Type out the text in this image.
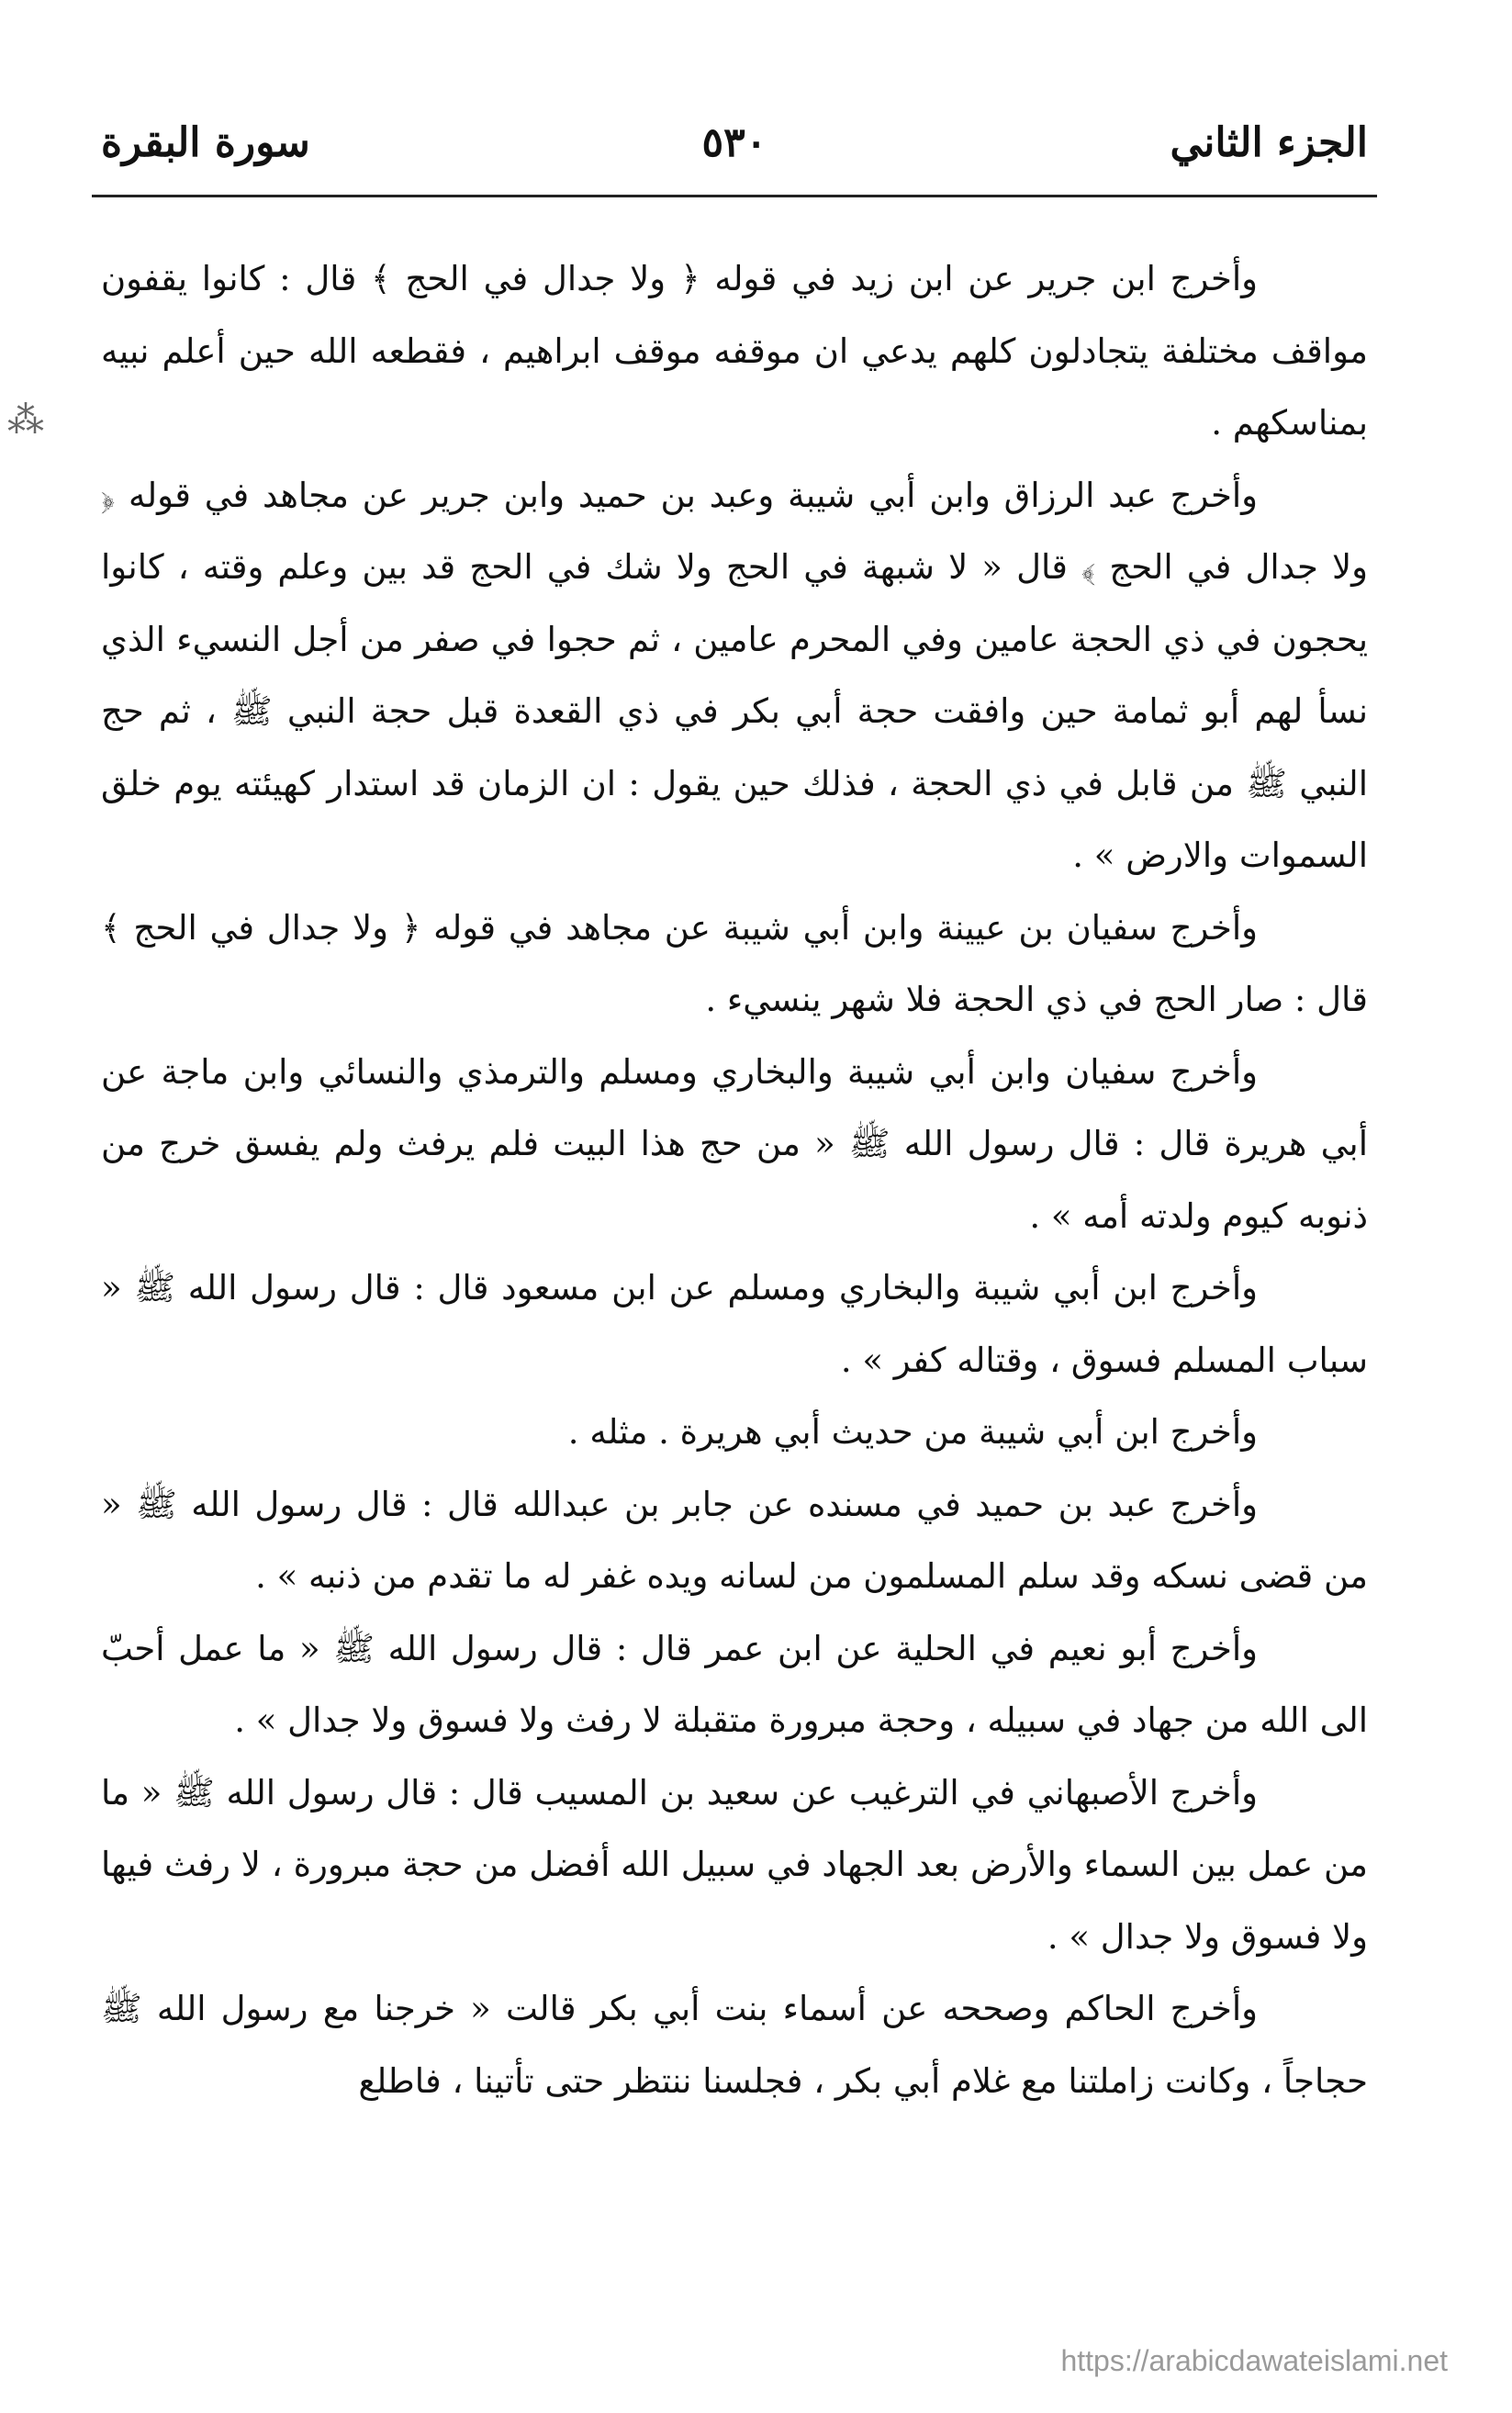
الجزء الثاني
٥٣٠
سورة البقرة
⁂

وأخرج ابن جرير عن ابن زيد في قوله ﴿ ولا جدال في الحج ﴾ قال : كانوا يقفون مواقف مختلفة يتجادلون كلهم يدعي ان موقفه موقف ابراهيم ، فقطعه الله حين أعلم نبيه بمناسكهم .

وأخرج عبد الرزاق وابن أبي شيبة وعبد بن حميد وابن جرير عن مجاهد في قوله ﴿ ولا جدال في الحج ﴾ قال « لا شبهة في الحج ولا شك في الحج قد بين وعلم وقته ، كانوا يحجون في ذي الحجة عامين وفي المحرم عامين ، ثم حجوا في صفر من أجل النسيء الذي نسأ لهم أبو ثمامة حين وافقت حجة أبي بكر في ذي القعدة قبل حجة النبي ﷺ ، ثم حج النبي ﷺ من قابل في ذي الحجة ، فذلك حين يقول : ان الزمان قد استدار كهيئته يوم خلق السموات والارض » .

وأخرج سفيان بن عيينة وابن أبي شيبة عن مجاهد في قوله ﴿ ولا جدال في الحج ﴾ قال : صار الحج في ذي الحجة فلا شهر ينسيء .

وأخرج سفيان وابن أبي شيبة والبخاري ومسلم والترمذي والنسائي وابن ماجة عن أبي هريرة قال : قال رسول الله ﷺ « من حج هذا البيت فلم يرفث ولم يفسق خرج من ذنوبه كيوم ولدته أمه » .

وأخرج ابن أبي شيبة والبخاري ومسلم عن ابن مسعود قال : قال رسول الله ﷺ « سباب المسلم فسوق ، وقتاله كفر » .

وأخرج ابن أبي شيبة من حديث أبي هريرة . مثله .

وأخرج عبد بن حميد في مسنده عن جابر بن عبدالله قال : قال رسول الله ﷺ « من قضى نسكه وقد سلم المسلمون من لسانه ويده غفر له ما تقدم من ذنبه » .

وأخرج أبو نعيم في الحلية عن ابن عمر قال : قال رسول الله ﷺ « ما عمل أحبّ الى الله من جهاد في سبيله ، وحجة مبرورة متقبلة لا رفث ولا فسوق ولا جدال » .

وأخرج الأصبهاني في الترغيب عن سعيد بن المسيب قال : قال رسول الله ﷺ « ما من عمل بين السماء والأرض بعد الجهاد في سبيل الله أفضل من حجة مبرورة ، لا رفث فيها ولا فسوق ولا جدال » .

وأخرج الحاكم وصححه عن أسماء بنت أبي بكر قالت « خرجنا مع رسول الله ﷺ حجاجاً ، وكانت زاملتنا مع غلام أبي بكر ، فجلسنا ننتظر حتى تأتينا ، فاطلع

https://arabicdawateislami.net
